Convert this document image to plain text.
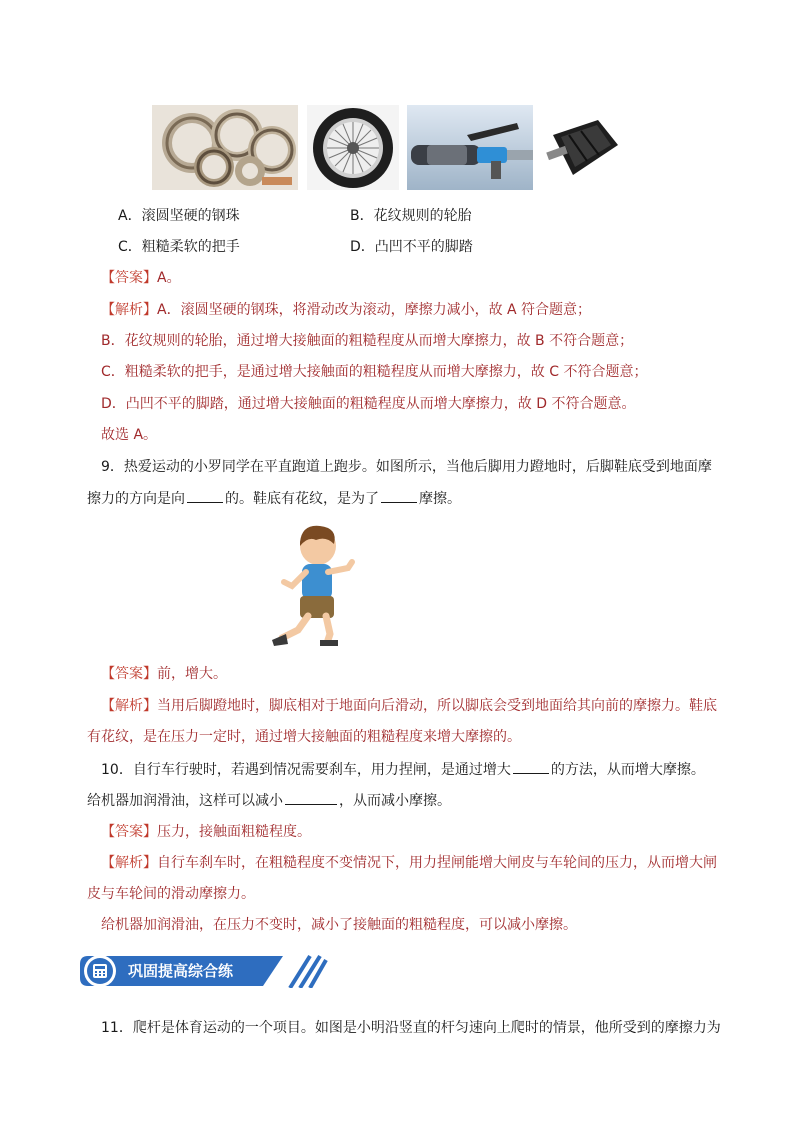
A．滚圆坚硬的钢珠	B．花纹规则的轮胎
C．粗糙柔软的把手	D．凸凹不平的脚踏
【答案】A。
【解析】A．滚圆坚硬的钢珠，将滑动改为滚动，摩擦力减小，故 A 符合题意；
B．花纹规则的轮胎，通过增大接触面的粗糙程度从而增大摩擦力，故 B 不符合题意；
C．粗糙柔软的把手，是通过增大接触面的粗糙程度从而增大摩擦力，故 C 不符合题意；
D．凸凹不平的脚踏，通过增大接触面的粗糙程度从而增大摩擦力，故 D 不符合题意。
故选 A。
9．热爱运动的小罗同学在平直跑道上跑步。如图所示，当他后脚用力蹬地时，后脚鞋底受到地面摩
擦力的方向是向	的。鞋底有花纹，是为了	摩擦。
【答案】前，增大。
【解析】当用后脚蹬地时，脚底相对于地面向后滑动，所以脚底会受到地面给其向前的摩擦力。鞋底
有花纹，是在压力一定时，通过增大接触面的粗糙程度来增大摩擦的。
10．自行车行驶时，若遇到情况需要刹车，用力捏闸，是通过增大	的方法，从而增大摩擦。
给机器加润滑油，这样可以减小	，从而减小摩擦。
【答案】压力，接触面粗糙程度。
【解析】自行车刹车时，在粗糙程度不变情况下，用力捏闸能增大闸皮与车轮间的压力，从而增大闸
皮与车轮间的滑动摩擦力。
给机器加润滑油，在压力不变时，减小了接触面的粗糙程度，可以减小摩擦。
巩固提高综合练
11．爬杆是体育运动的一个项目。如图是小明沿竖直的杆匀速向上爬时的情景，他所受到的摩擦力为
